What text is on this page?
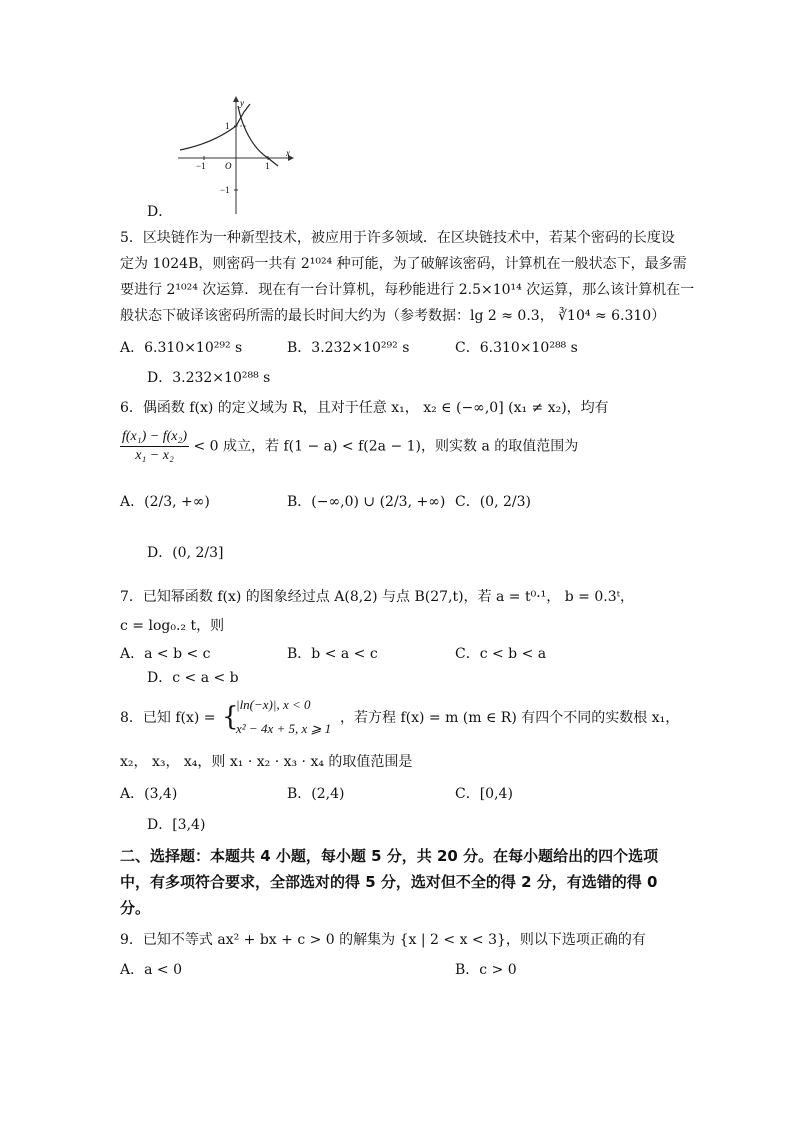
y
x
O
1
−1	1
−1
D．
5．区块链作为一种新型技术，被应用于许多领域．在区块链技术中，若某个密码的长度设
定为 1024B，则密码一共有 2¹⁰²⁴ 种可能，为了破解该密码，计算机在一般状态下，最多需
要进行 2¹⁰²⁴ 次运算．现在有一台计算机，每秒能进行 2.5×10¹⁴ 次运算，那么该计算机在一
般状态下破译该密码所需的最长时间大约为（参考数据：lg 2 ≈ 0.3， ∛10⁴ ≈ 6.310）
A．6.310×10²⁹² s	B．3.232×10²⁹² s	C．6.310×10²⁸⁸ s
D．3.232×10²⁸⁸ s
6．偶函数 f(x) 的定义域为 R，且对于任意 x₁， x₂ ∈ (−∞,0] (x₁ ≠ x₂)，均有
$\frac{\text{f(x₁) − f(x₂)}}{\text{x₁ − x₂}} < 0$ 成立，若 f(1 − a) < f(2a − 1)，则实数 a 的取值范围为
A．(2/3, +∞)	B．(−∞,0) ∪ (2/3, +∞) C．(0, 2/3)
D．(0, 2/3]
7．已知幂函数 f(x) 的图象经过点 A(8,2) 与点 B(27,t)，若 a = t⁰·¹， b = 0.3ᵗ，
c = log₀.₂ t，则
A．a < b < c	B．b < a < c	C．c < b < a
D．c < a < b
8．已知 f(x) = {
|ln(−x)|, x < 0
x² − 4x + 5, x ⩾ 1
，若方程 f(x) = m (m ∈ R) 有四个不同的实数根 x₁，
x₂， x₃， x₄，则 x₁ · x₂ · x₃ · x₄ 的取值范围是
A．(3,4)	B．(2,4)	C．[0,4)
D．[3,4)
二、选择题：本题共 4 小题，每小题 5 分，共 20 分。在每小题给出的四个选项
中，有多项符合要求，全部选对的得 5 分，选对但不全的得 2 分，有选错的得 0
分。
9．已知不等式 ax² + bx + c > 0 的解集为 {x | 2 < x < 3}，则以下选项正确的有
A．a < 0	B．c > 0
